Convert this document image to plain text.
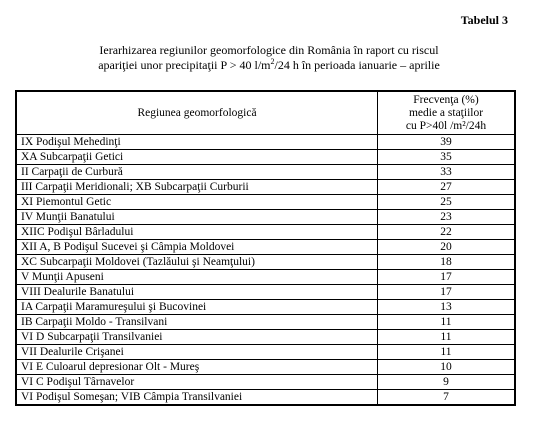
Tabelul 3
Ierarhizarea regiunilor geomorfologice din România în raport cu riscul
apariţiei unor precipitaţii P > 40 $l/m^2/24$ h în perioada ianuarie – aprilie
Regiunea geomorfologică	Frecvenţa (%)
medie a staţiilor
cu P>40l /m²/24h

IX Podişul Mehedinţi	39
XA Subcarpaţii Getici	35
II Carpaţii de Curbură	33
III Carpaţii Meridionali; XB Subcarpaţii Curburii	27
XI Piemontul Getic	25
IV Munţii Banatului	23
XIIC Podişul Bârladului	22
XII A, B Podişul Sucevei şi Câmpia Moldovei	20
XC Subcarpaţii Moldovei (Tazlăului şi Neamţului)	18
V Munţii Apuseni	17
VIII Dealurile Banatului	17
IA Carpaţii Maramureşului şi Bucovinei	13
IB Carpaţii Moldo - Transilvani	11
VI D Subcarpaţii Transilvaniei	11
VII Dealurile Crişanei	11
VI E Culoarul depresionar Olt - Mureş	10
VI C Podişul Târnavelor	9
VI Podişul Someşan; VIB Câmpia Transilvaniei	7
